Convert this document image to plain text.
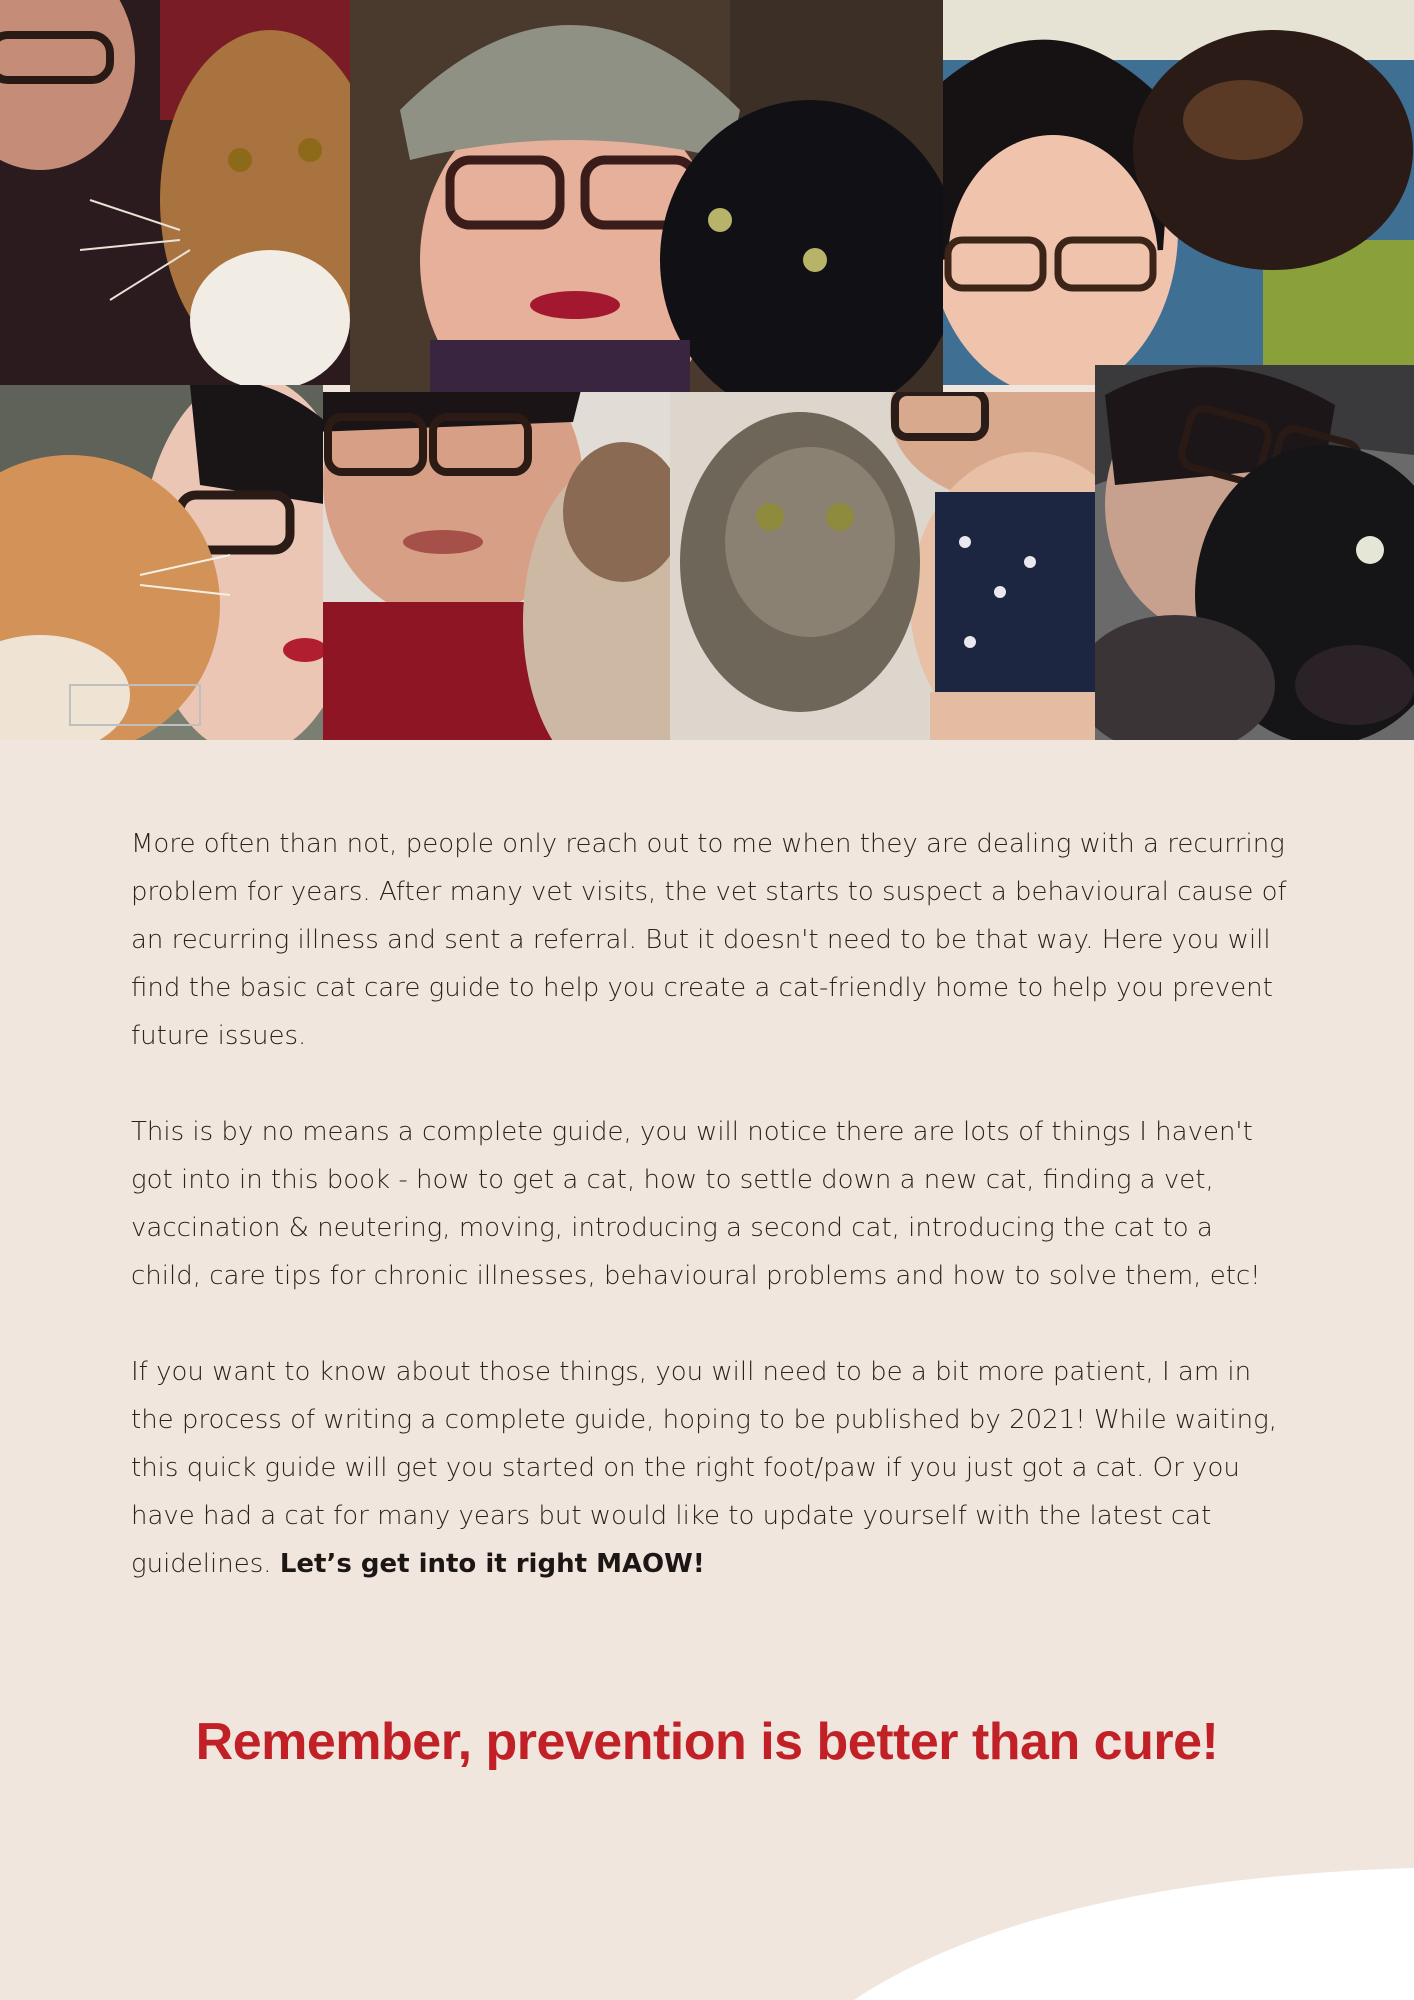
More often than not, people only reach out to me when they are dealing with a recurring problem for years. After many vet visits, the vet starts to suspect a behavioural cause of an recurring illness and sent a referral. But it doesn't need to be that way. Here you will find the basic cat care guide to help you create a cat-friendly home to help you prevent future issues.

This is by no means a complete guide, you will notice there are lots of things I haven't got into in this book - how to get a cat, how to settle down a new cat, finding a vet, vaccination & neutering, moving, introducing a second cat, introducing the cat to a child, care tips for chronic illnesses, behavioural problems and how to solve them, etc!

If you want to know about those things, you will need to be a bit more patient, I am in the process of writing a complete guide, hoping to be published by 2021! While waiting, this quick guide will get you started on the right foot/paw if you just got a cat. Or you have had a cat for many years but would like to update yourself with the latest cat guidelines. Let’s get into it right MAOW!

Remember, prevention is better than cure!
